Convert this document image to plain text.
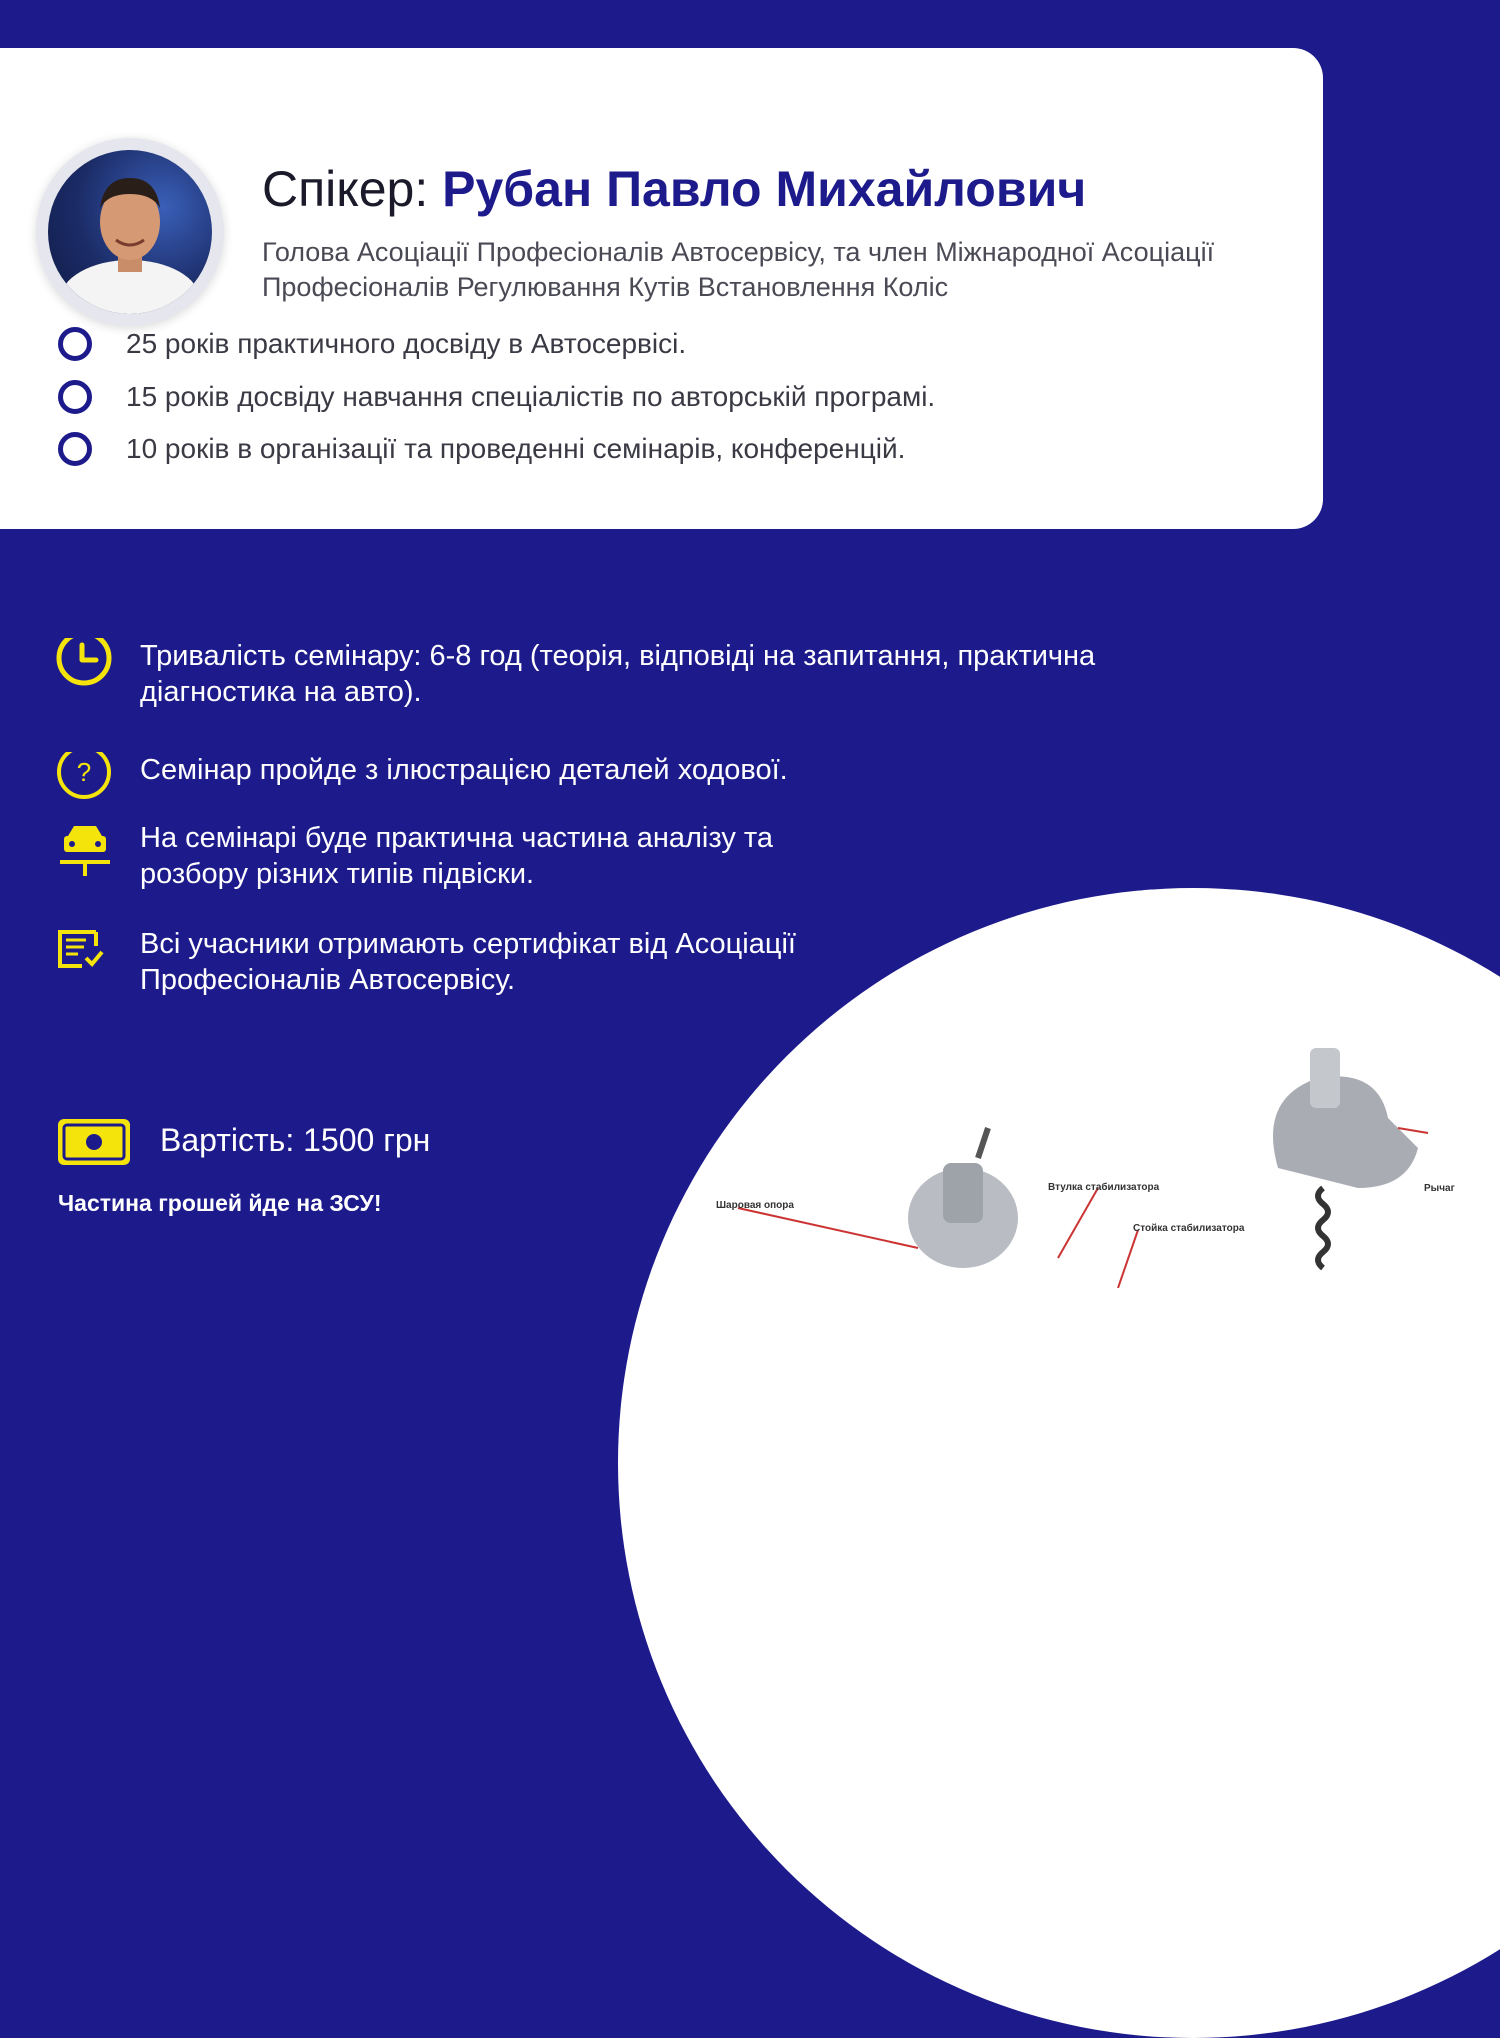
Спікер: Рубан Павло Михайлович
Голова Асоціації Професіоналів Автосервісу, та член Міжнародної Асоціації Професіоналів Регулювання Кутів Встановлення Коліс
25 років практичного досвіду в Автосервісі.
15 років досвіду навчання спеціалістів по авторській програмі.
10 років в організації та проведенні семінарів, конференцій.
Тривалість семінару: 6-8 год (теорія, відповіді на запитання, практична діагностика на авто).
? Семінар пройде з ілюстрацією деталей ходової.
На семінарі буде практична частина аналізу та розбору різних типів підвіски.
Всі учасники отримають сертифікат від Асоціації Професіоналів Автосервісу.
Вартість: 1500 грн
Частина грошей йде на ЗСУ!	Шаровая опора
Втулка стабилизатора
Стойка стабилизатора
Рычаг
